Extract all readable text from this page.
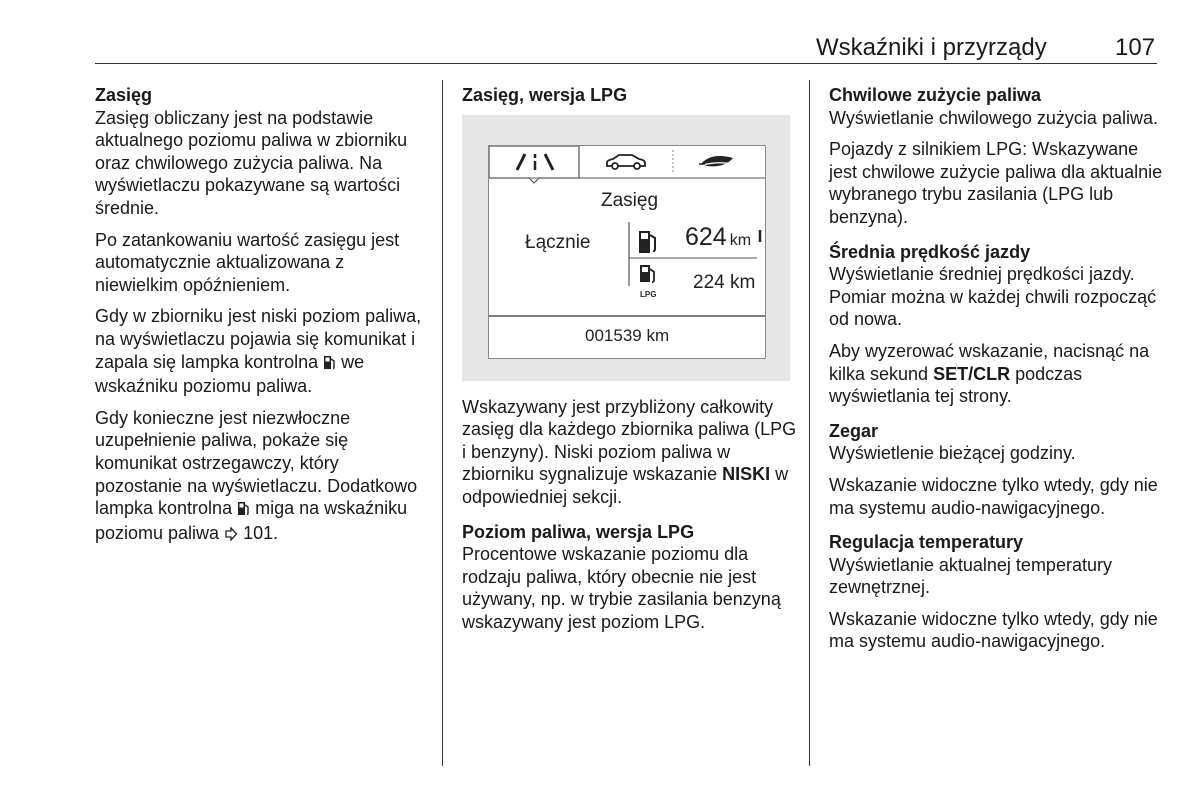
Wskaźniki i przyrządy	107
Zasięg

Zasięg obliczany jest na podstawie aktualnego poziomu paliwa w zbiorniku oraz chwilowego zużycia paliwa. Na wyświetlaczu pokazywane są wartości średnie.

Po zatankowaniu wartość zasięgu jest automatycznie aktualizowana z niewielkim opóźnieniem.

Gdy w zbiorniku jest niski poziom paliwa, na wyświetlaczu pojawia się komunikat i zapala się lampka kontrolna  we wskaźniku poziomu paliwa.

Gdy konieczne jest niezwłoczne uzupełnienie paliwa, pokaże się komunikat ostrzegawczy, który pozostanie na wyświetlaczu. Dodatkowo lampka kontrolna  miga na wskaźniku poziomu paliwa  101.

Zasięg, wersja LPG
Zasięg
Łącznie	624 km
LPG
224 km
001539 km

Wskazywany jest przybliżony całkowity zasięg dla każdego zbiornika paliwa (LPG i benzyny). Niski poziom paliwa w zbiorniku sygnalizuje wskazanie NISKI w odpowiedniej sekcji.

Poziom paliwa, wersja LPG

Procentowe wskazanie poziomu dla rodzaju paliwa, który obecnie nie jest używany, np. w trybie zasilania benzyną wskazywany jest poziom LPG.

Chwilowe zużycie paliwa

Wyświetlanie chwilowego zużycia paliwa.

Pojazdy z silnikiem LPG: Wskazywane jest chwilowe zużycie paliwa dla aktualnie wybranego trybu zasilania (LPG lub benzyna).

Średnia prędkość jazdy

Wyświetlanie średniej prędkości jazdy. Pomiar można w każdej chwili rozpocząć od nowa.

Aby wyzerować wskazanie, nacisnąć na kilka sekund SET/CLR podczas wyświetlania tej strony.

Zegar

Wyświetlenie bieżącej godziny.

Wskazanie widoczne tylko wtedy, gdy nie ma systemu audio-nawigacyjnego.

Regulacja temperatury

Wyświetlanie aktualnej temperatury zewnętrznej.

Wskazanie widoczne tylko wtedy, gdy nie ma systemu audio-nawigacyjnego.
